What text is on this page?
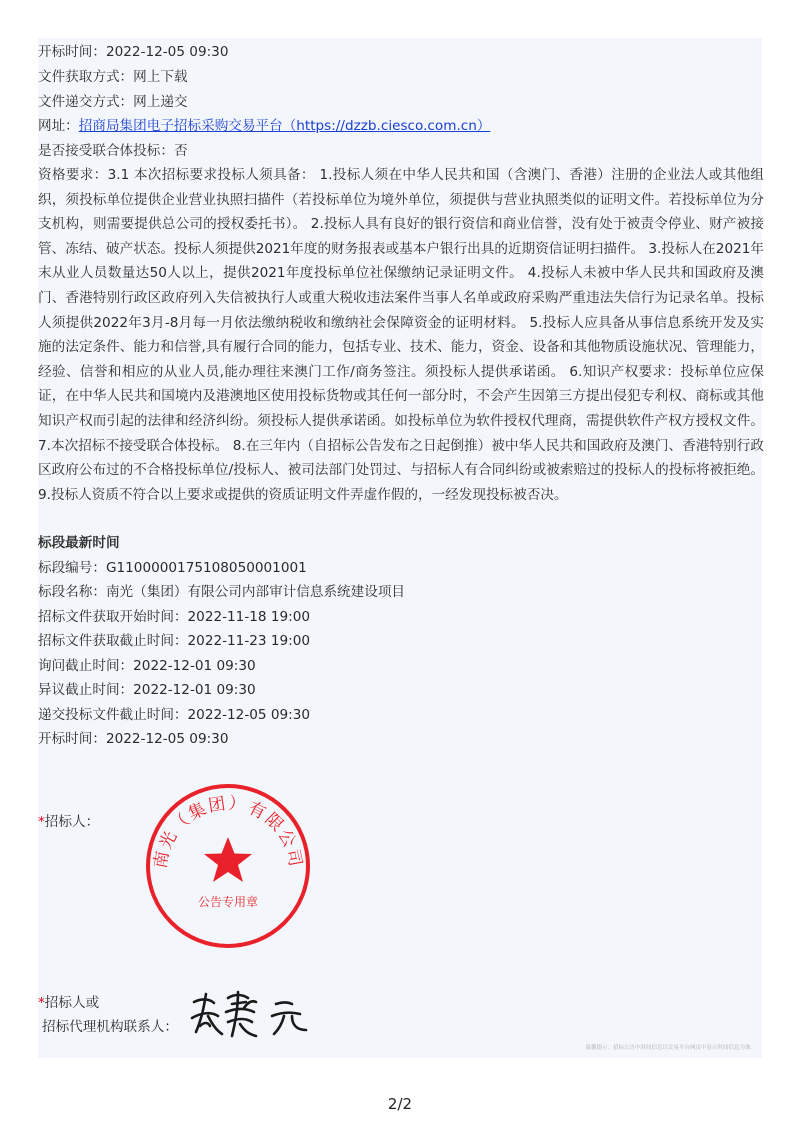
开标时间：2022-12-05 09:30
文件获取方式：网上下载
文件递交方式：网上递交
网址：招商局集团电子招标采购交易平台（https://dzzb.ciesco.com.cn）
是否接受联合体投标：否
资格要求：3.1 本次招标要求投标人须具备： 1.投标人须在中华人民共和国（含澳门、香港）注册的企业法人或其他组织，须投标单位提供企业营业执照扫描件（若投标单位为境外单位，须提供与营业执照类似的证明文件。若投标单位为分支机构，则需要提供总公司的授权委托书）。 2.投标人具有良好的银行资信和商业信誉，没有处于被责令停业、财产被接管、冻结、破产状态。投标人须提供2021年度的财务报表或基本户银行出具的近期资信证明扫描件。 3.投标人在2021年末从业人员数量达50人以上，提供2021年度投标单位社保缴纳记录证明文件。 4.投标人未被中华人民共和国政府及澳门、香港特别行政区政府列入失信被执行人或重大税收违法案件当事人名单或政府采购严重违法失信行为记录名单。投标人须提供2022年3月-8月每一月依法缴纳税收和缴纳社会保障资金的证明材料。 5.投标人应具备从事信息系统开发及实施的法定条件、能力和信誉,具有履行合同的能力，包括专业、技术、能力，资金、设备和其他物质设施状况、管理能力，经验、信誉和相应的从业人员,能办理往来澳门工作/商务签注。须投标人提供承诺函。 6.知识产权要求：投标单位应保证，在中华人民共和国境内及港澳地区使用投标货物或其任何一部分时，不会产生因第三方提出侵犯专利权、商标或其他知识产权而引起的法律和经济纠纷。须投标人提供承诺函。如投标单位为软件授权代理商，需提供软件产权方授权文件。 7.本次招标不接受联合体投标。 8.在三年内（自招标公告发布之日起倒推）被中华人民共和国政府及澳门、香港特别行政区政府公布过的不合格投标单位/投标人、被司法部门处罚过、与招标人有合同纠纷或被索赔过的投标人的投标将被拒绝。 9.投标人资质不符合以上要求或提供的资质证明文件弄虚作假的，一经发现投标被否决。
标段最新时间
标段编号：G1100000175108050001001
标段名称：南光（集团）有限公司内部审计信息系统建设项目
招标文件获取开始时间：2022-11-18 19:00
招标文件获取截止时间：2022-11-23 19:00
询问截止时间：2022-12-01 09:30
异议截止时间：2022-12-01 09:30
递交投标文件截止时间：2022-12-05 09:30
开标时间：2022-12-05 09:30
*招标人：
南光（集团）有限公司
公告专用章
*招标人或
招标代理机构联系人：
温馨提示：招标公告中时间信息以交易平台网页中显示时间信息为准。
2/2
